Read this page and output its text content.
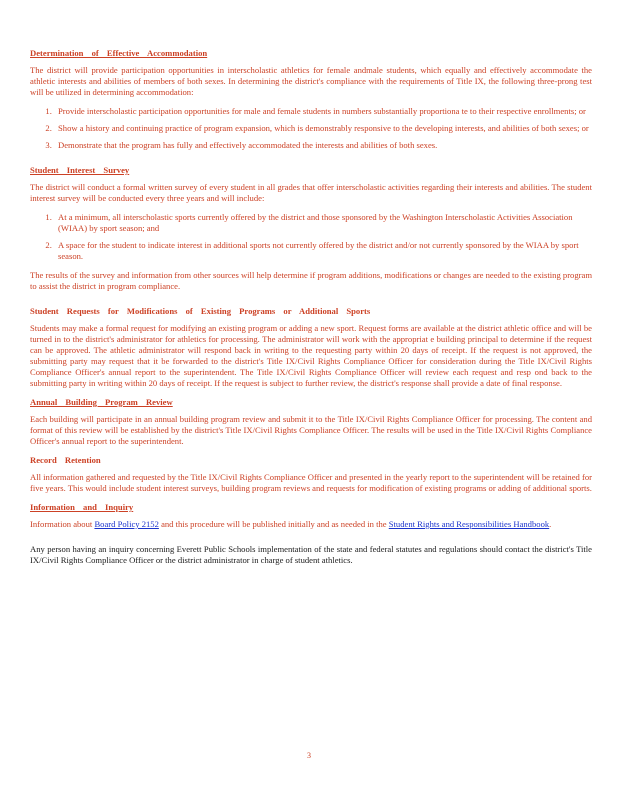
Determination of Effective Accommodation

The district will provide participation opportunities in interscholastic athletics for female andmale students, which equally and effectively accommodate the athletic interests and abilities of members of both sexes. In determining the district's compliance with the requirements of Title IX, the following three-prong test will be utilized in determining accommodation:

1. Provide interscholastic participation opportunities for male and female students in numbers substantially proportiona te to their respective enrollments; or
2. Show a history and continuing practice of program expansion, which is demonstrably responsive to the developing interests, and abilities of both sexes; or
3. Demonstrate that the program has fully and effectively accommodated the interests and abilities of both sexes.
Student Interest Survey

The district will conduct a formal written survey of every student in all grades that offer interscholastic activities regarding their interests and abilities. The student interest survey will be conducted every three years and will include:

1. At a minimum, all interscholastic sports currently offered by the district and those sponsored by the Washington Interscholastic Activities Association (WIAA) by sport season; and
2. A space for the student to indicate interest in additional sports not currently offered by the district and/or not currently sponsored by the WIAA by sport season.

The results of the survey and information from other sources will help determine if program additions, modifications or changes are needed to the existing program to assist the district in program compliance.

Student Requests for Modifications of Existing Programs or Additional Sports

Students may make a formal request for modifying an existing program or adding a new sport. Request forms are available at the district athletic office and will be turned in to the district's administrator for athletics for processing. The administrator will work with the appropriat e building principal to determine if the request can be approved. The athletic administrator will respond back in writing to the requesting party within 20 days of receipt. If the request is not approved, the submitting party may request that it be forwarded to the district's Title IX/Civil Rights Compliance Officer for consideration during the Title IX/Civil Rights Compliance Officer's annual report to the superintendent. The Title IX/Civil Rights Compliance Officer will review each request and resp ond back to the submitting party in writing within 20 days of receipt. If the request is subject to further review, the district's response shall provide a date of final response.

Annual Building Program Review

Each building will participate in an annual building program review and submit it to the Title IX/Civil Rights Compliance Officer for processing. The content and format of this review will be established by the district's Title IX/Civil Rights Compliance Officer. The results will be used in the Title IX/Civil Rights Compliance Officer's annual report to the superintendent.

Record Retention

All information gathered and requested by the Title IX/Civil Rights Compliance Officer and presented in the yearly report to the superintendent will be retained for five years. This would include student interest surveys, building program reviews and requests for modification of existing programs or adding of additional sports.

Information and Inquiry

Information about Board Policy 2152 and this procedure will be published initially and as needed in the Student Rights and Responsibilities Handbook.

Any person having an inquiry concerning Everett Public Schools implementation of the state and federal statutes and regulations should contact the district's Title IX/Civil Rights Compliance Officer or the district administrator in charge of student athletics.

3
